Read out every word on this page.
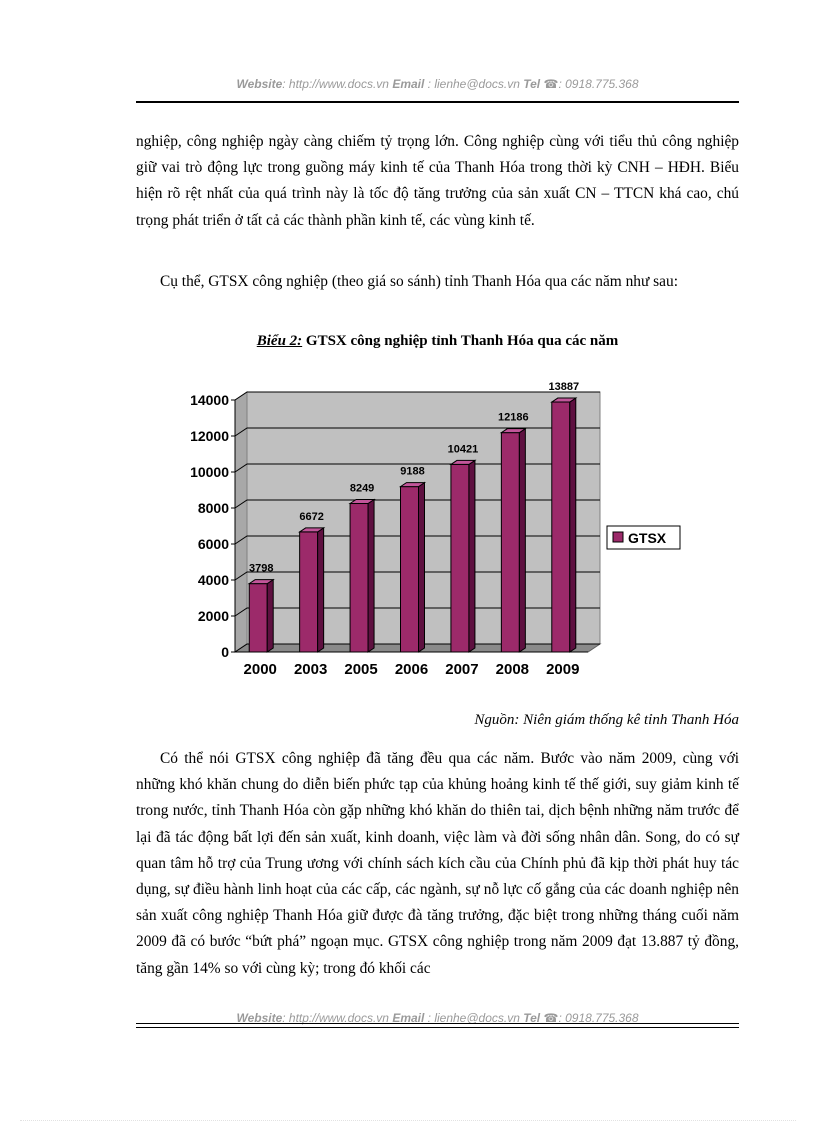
Website: http://www.docs.vn Email : lienhe@docs.vn Tel ☎: 0918.775.368

nghiệp, công nghiệp ngày càng chiếm tỷ trọng lớn. Công nghiệp cùng với tiểu thủ công nghiệp giữ vai trò động lực trong guồng máy kinh tế của Thanh Hóa trong thời kỳ CNH – HĐH. Biểu hiện rõ rệt nhất của quá trình này là tốc độ tăng trưởng của sản xuất CN – TTCN khá cao, chú trọng phát triển ở tất cả các thành phần kinh tế, các vùng kinh tế.

Cụ thể, GTSX công nghiệp (theo giá so sánh) tỉnh Thanh Hóa qua các năm như sau:

Biểu 2: GTSX công nghiệp tỉnh Thanh Hóa qua các năm
0
2000
4000
6000
8000
10000
12000
14000
3798
2000
6672
2003
8249
2005
9188
2006
10421
2007
12186
2008
13887
2009
GTSX
Nguồn: Niên giám thống kê tỉnh Thanh Hóa

Có thể nói GTSX công nghiệp đã tăng đều qua các năm. Bước vào năm 2009, cùng với những khó khăn chung do diễn biến phức tạp của khủng hoảng kinh tế thế giới, suy giảm kinh tế trong nước, tỉnh Thanh Hóa còn gặp những khó khăn do thiên tai, dịch bệnh những năm trước để lại đã tác động bất lợi đến sản xuất, kinh doanh, việc làm và đời sống nhân dân. Song, do có sự quan tâm hỗ trợ của Trung ương với chính sách kích cầu của Chính phủ đã kịp thời phát huy tác dụng, sự điều hành linh hoạt của các cấp, các ngành, sự nỗ lực cố gắng của các doanh nghiệp nên sản xuất công nghiệp Thanh Hóa giữ được đà tăng trưởng, đặc biệt trong những tháng cuối năm 2009 đã có bước “bứt phá” ngoạn mục. GTSX công nghiệp trong năm 2009 đạt 13.887 tỷ đồng, tăng gần 14% so với cùng kỳ; trong đó khối các

Website: http://www.docs.vn Email : lienhe@docs.vn Tel ☎: 0918.775.368
